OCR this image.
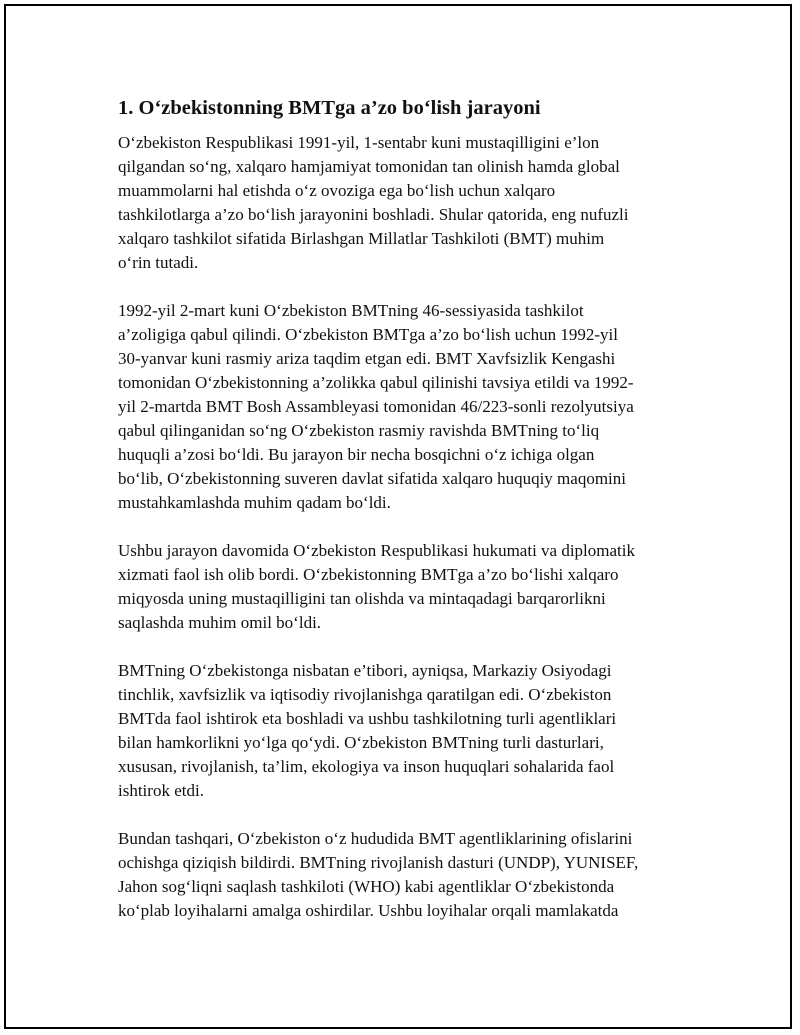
1. O‘zbekistonning BMTga a’zo bo‘lish jarayoni

O‘zbekiston Respublikasi 1991-yil, 1-sentabr kuni mustaqilligini e’lon
qilgandan so‘ng, xalqaro hamjamiyat tomonidan tan olinish hamda global
muammolarni hal etishda o‘z ovoziga ega bo‘lish uchun xalqaro
tashkilotlarga a’zo bo‘lish jarayonini boshladi. Shular qatorida, eng nufuzli
xalqaro tashkilot sifatida Birlashgan Millatlar Tashkiloti (BMT) muhim
o‘rin tutadi.

1992-yil 2-mart kuni O‘zbekiston BMTning 46-sessiyasida tashkilot
a’zoligiga qabul qilindi. O‘zbekiston BMTga a’zo bo‘lish uchun 1992-yil
30-yanvar kuni rasmiy ariza taqdim etgan edi. BMT Xavfsizlik Kengashi
tomonidan O‘zbekistonning a’zolikka qabul qilinishi tavsiya etildi va 1992-
yil 2-martda BMT Bosh Assambleyasi tomonidan 46/223-sonli rezolyutsiya
qabul qilinganidan so‘ng O‘zbekiston rasmiy ravishda BMTning to‘liq
huquqli a’zosi bo‘ldi. Bu jarayon bir necha bosqichni o‘z ichiga olgan
bo‘lib, O‘zbekistonning suveren davlat sifatida xalqaro huquqiy maqomini
mustahkamlashda muhim qadam bo‘ldi.

Ushbu jarayon davomida O‘zbekiston Respublikasi hukumati va diplomatik
xizmati faol ish olib bordi. O‘zbekistonning BMTga a’zo bo‘lishi xalqaro
miqyosda uning mustaqilligini tan olishda va mintaqadagi barqarorlikni
saqlashda muhim omil bo‘ldi.

BMTning O‘zbekistonga nisbatan e’tibori, ayniqsa, Markaziy Osiyodagi
tinchlik, xavfsizlik va iqtisodiy rivojlanishga qaratilgan edi. O‘zbekiston
BMTda faol ishtirok eta boshladi va ushbu tashkilotning turli agentliklari
bilan hamkorlikni yo‘lga qo‘ydi. O‘zbekiston BMTning turli dasturlari,
xususan, rivojlanish, ta’lim, ekologiya va inson huquqlari sohalarida faol
ishtirok etdi.

Bundan tashqari, O‘zbekiston o‘z hududida BMT agentliklarining ofislarini
ochishga qiziqish bildirdi. BMTning rivojlanish dasturi (UNDP), YUNISEF,
Jahon sog‘liqni saqlash tashkiloti (WHO) kabi agentliklar O‘zbekistonda
ko‘plab loyihalarni amalga oshirdilar. Ushbu loyihalar orqali mamlakatda
